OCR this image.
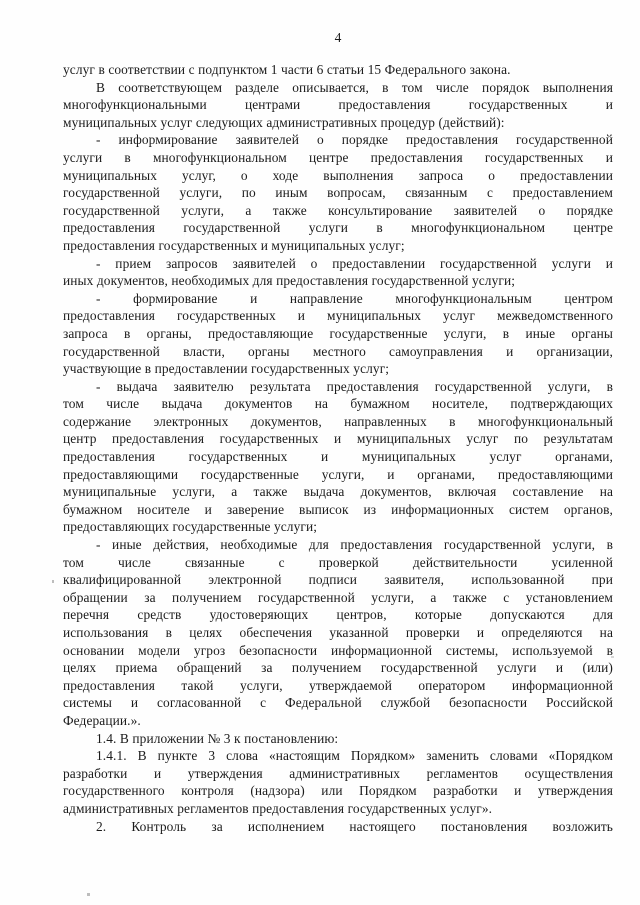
4
услуг в соответствии с подпунктом 1 части 6 статьи 15 Федерального закона.
В соответствующем разделе описывается, в том числе порядок выполнения
многофункциональными центрами предоставления государственных и
муниципальных услуг следующих административных процедур (действий):
- информирование заявителей о порядке предоставления государственной
услуги в многофункциональном центре предоставления государственных и
муниципальных услуг, о ходе выполнения запроса о предоставлении
государственной услуги, по иным вопросам, связанным с предоставлением
государственной услуги, а также консультирование заявителей о порядке
предоставления государственной услуги в многофункциональном центре
предоставления государственных и муниципальных услуг;
- прием запросов заявителей о предоставлении государственной услуги и
иных документов, необходимых для предоставления государственной услуги;
- формирование и направление многофункциональным центром
предоставления государственных и муниципальных услуг межведомственного
запроса в органы, предоставляющие государственные услуги, в иные органы
государственной власти, органы местного самоуправления и организации,
участвующие в предоставлении государственных услуг;
- выдача заявителю результата предоставления государственной услуги, в
том числе выдача документов на бумажном носителе, подтверждающих
содержание электронных документов, направленных в многофункциональный
центр предоставления государственных и муниципальных услуг по результатам
предоставления государственных и муниципальных услуг органами,
предоставляющими государственные услуги, и органами, предоставляющими
муниципальные услуги, а также выдача документов, включая составление на
бумажном носителе и заверение выписок из информационных систем органов,
предоставляющих государственные услуги;
- иные действия, необходимые для предоставления государственной услуги, в
том числе связанные с проверкой действительности усиленной
квалифицированной электронной подписи заявителя, использованной при
обращении за получением государственной услуги, а также с установлением
перечня средств удостоверяющих центров, которые допускаются для
использования в целях обеспечения указанной проверки и определяются на
основании модели угроз безопасности информационной системы, используемой в
целях приема обращений за получением государственной услуги и (или)
предоставления такой услуги, утверждаемой оператором информационной
системы и согласованной с Федеральной службой безопасности Российской
Федерации.».
1.4. В приложении № 3 к постановлению:
1.4.1. В пункте 3 слова «настоящим Порядком» заменить словами «Порядком
разработки и утверждения административных регламентов осуществления
государственного контроля (надзора) или Порядком разработки и утверждения
административных регламентов предоставления государственных услуг».
2. Контроль за исполнением настоящего постановления возложить
